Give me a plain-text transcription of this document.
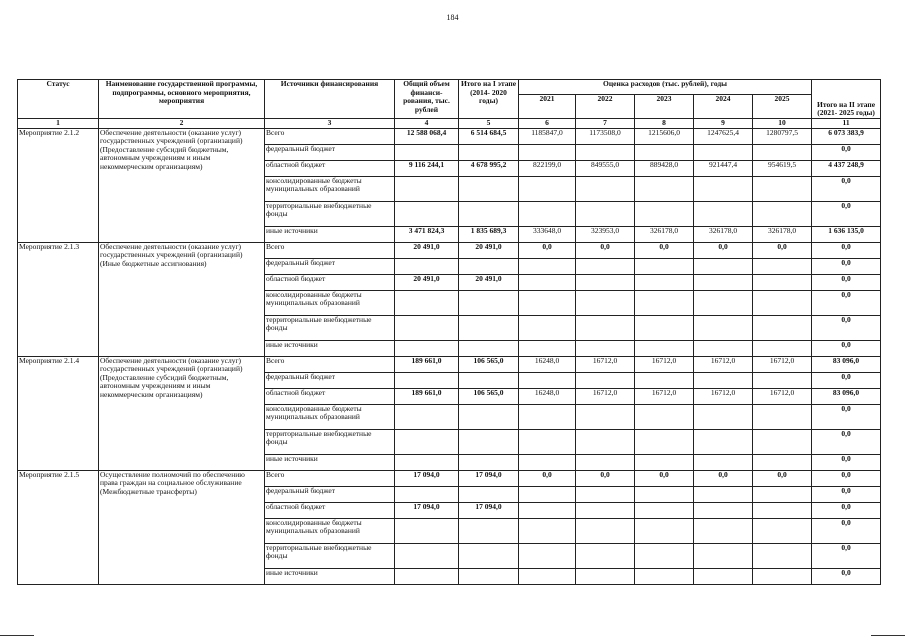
184
Статус	Наименование государственной программы, подпрограммы, основного мероприятия, мероприятия	Источники финансирования	Общий объем финанси- рования, тыс. рублей	Итого на I этапе (2014- 2020 годы)	Оценка расходов (тыс. рублей), годы					Итого на II этапе (2021- 2025 годы)
					2021	2022	2023	2024	2025	
1	2	3	4	5	6	7	8	9	10	11
Мероприятие 2.1.2	Обеспечение деятельности (оказание услуг) государственных учреждений (организаций) (Предоставление субсидий бюджетным, автономным учреждениям и иным некоммерческим организациям)	Всего	12 588 068,4	6 514 684,5	1185847,0	1173508,0	1215606,0	1247625,4	1280797,5	6 073 383,9
		федеральный бюджет								0,0
		областной бюджет	9 116 244,1	4 678 995,2	822199,0	849555,0	889428,0	921447,4	954619,5	4 437 248,9
		консолидированные бюджеты муниципальных образований								0,0
		территориальные внебюджетные фонды								0,0
		иные источники	3 471 824,3	1 835 689,3	333648,0	323953,0	326178,0	326178,0	326178,0	1 636 135,0
Мероприятие 2.1.3	Обеспечение деятельности (оказание услуг) государственных учреждений (организаций) (Иные бюджетные ассигнования)	Всего	20 491,0	20 491,0	0,0	0,0	0,0	0,0	0,0	0,0
		федеральный бюджет								0,0
		областной бюджет	20 491,0	20 491,0						0,0
		консолидированные бюджеты муниципальных образований								0,0
		территориальные внебюджетные фонды								0,0
		иные источники								0,0
Мероприятие 2.1.4	Обеспечение деятельности (оказание услуг) государственных учреждений (организаций) (Предоставление субсидий бюджетным, автономным учреждениям и иным некоммерческим организациям)	Всего	189 661,0	106 565,0	16248,0	16712,0	16712,0	16712,0	16712,0	83 096,0
		федеральный бюджет								0,0
		областной бюджет	189 661,0	106 565,0	16248,0	16712,0	16712,0	16712,0	16712,0	83 096,0
		консолидированные бюджеты муниципальных образований								0,0
		территориальные внебюджетные фонды								0,0
		иные источники								0,0
Мероприятие 2.1.5	Осуществление полномочий по обеспечению права граждан на социальное обслуживание (Межбюджетные трансферты)	Всего	17 094,0	17 094,0	0,0	0,0	0,0	0,0	0,0	0,0
		федеральный бюджет								0,0
		областной бюджет	17 094,0	17 094,0						0,0
		консолидированные бюджеты муниципальных образований								0,0
		территориальные внебюджетные фонды								0,0
		иные источники								0,0
